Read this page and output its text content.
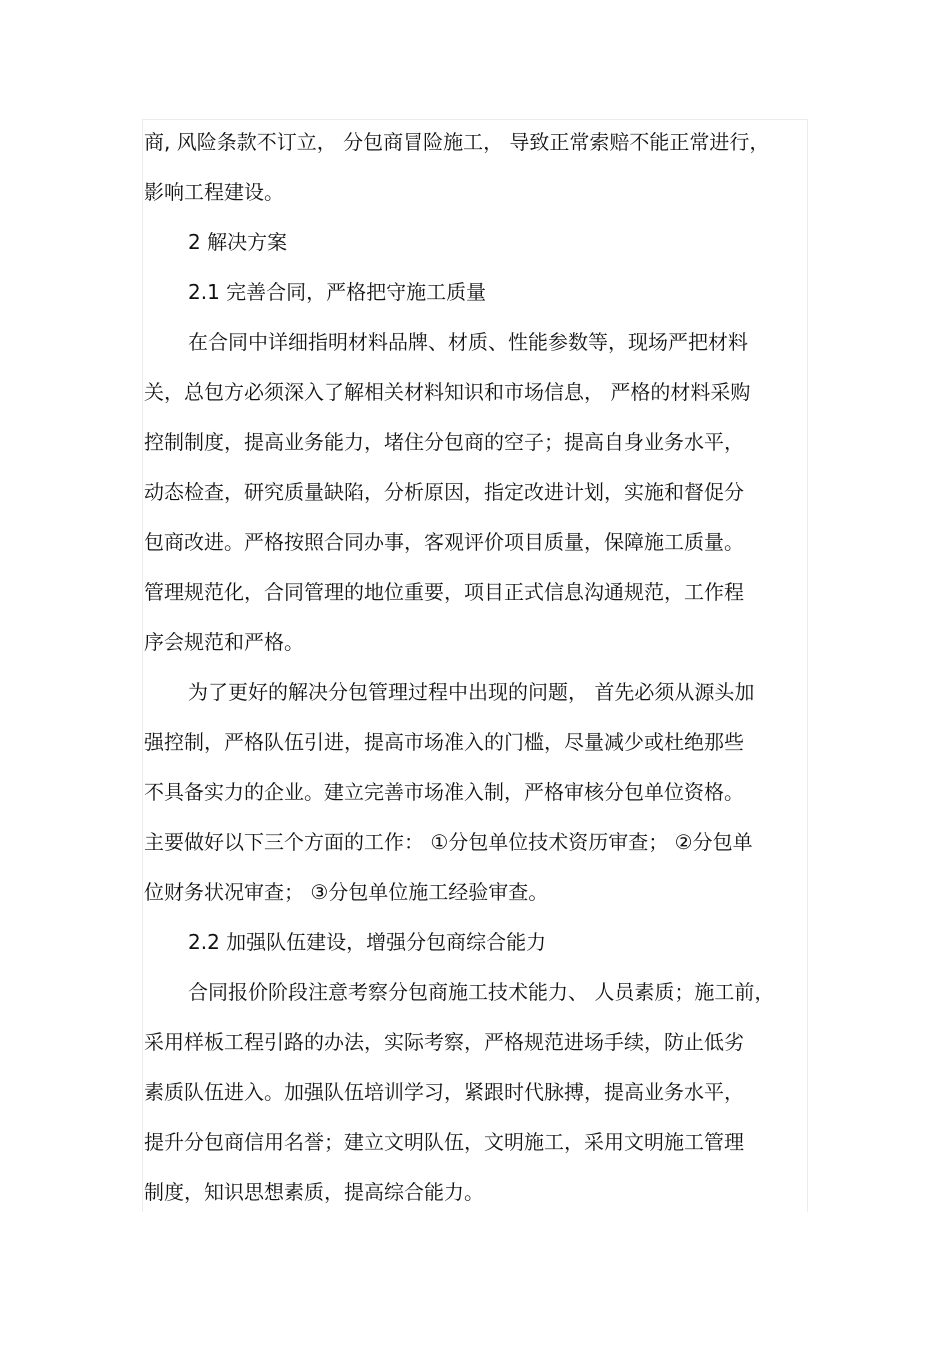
商, 风险条款不订立， 分包商冒险施工， 导致正常索赔不能正常进行，
影响工程建设。
2 解决方案
2.1 完善合同，严格把守施工质量
在合同中详细指明材料品牌、材质、性能参数等，现场严把材料
关，总包方必须深入了解相关材料知识和市场信息， 严格的材料采购
控制制度，提高业务能力，堵住分包商的空子；提高自身业务水平，
动态检查，研究质量缺陷，分析原因，指定改进计划，实施和督促分
包商改进。严格按照合同办事，客观评价项目质量，保障施工质量。
管理规范化，合同管理的地位重要，项目正式信息沟通规范，工作程
序会规范和严格。
为了更好的解决分包管理过程中出现的问题， 首先必须从源头加
强控制，严格队伍引进，提高市场准入的门槛，尽量减少或杜绝那些
不具备实力的企业。建立完善市场准入制，严格审核分包单位资格。
主要做好以下三个方面的工作： ①分包单位技术资历审查； ②分包单
位财务状况审查； ③分包单位施工经验审查。
2.2 加强队伍建设，增强分包商综合能力
合同报价阶段注意考察分包商施工技术能力、 人员素质；施工前，
采用样板工程引路的办法，实际考察，严格规范进场手续，防止低劣
素质队伍进入。加强队伍培训学习，紧跟时代脉搏，提高业务水平，
提升分包商信用名誉；建立文明队伍，文明施工，采用文明施工管理
制度，知识思想素质，提高综合能力。
